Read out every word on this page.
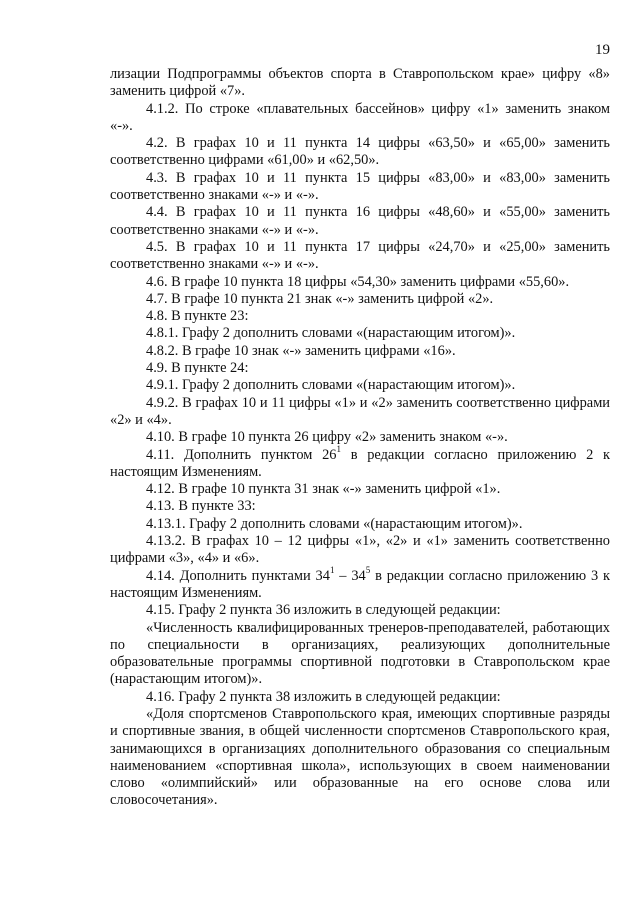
19

лизации Подпрограммы объектов спорта в Ставропольском крае» цифру «8» заменить цифрой «7».

4.1.2. По строке «плавательных бассейнов» цифру «1» заменить знаком «-».

4.2. В графах 10 и 11 пункта 14 цифры «63,50» и «65,00» заменить соответственно цифрами «61,00» и «62,50».

4.3. В графах 10 и 11 пункта 15 цифры «83,00» и «83,00» заменить соответственно знаками «-» и «-».

4.4. В графах 10 и 11 пункта 16 цифры «48,60» и «55,00» заменить соответственно знаками «-» и «-».

4.5. В графах 10 и 11 пункта 17 цифры «24,70» и «25,00» заменить соответственно знаками «-» и «-».

4.6. В графе 10 пункта 18 цифры «54,30» заменить цифрами «55,60».

4.7. В графе 10 пункта 21 знак «-» заменить цифрой «2».

4.8. В пункте 23:

4.8.1. Графу 2 дополнить словами «(нарастающим итогом)».

4.8.2. В графе 10 знак «-» заменить цифрами «16».

4.9. В пункте 24:

4.9.1. Графу 2 дополнить словами «(нарастающим итогом)».

4.9.2. В графах 10 и 11 цифры «1» и «2» заменить соответственно цифрами «2» и «4».

4.10. В графе 10 пункта 26 цифру «2» заменить знаком «-».

4.11. Дополнить пунктом $26^1$ в редакции согласно приложению 2 к настоящим Изменениям.

4.12. В графе 10 пункта 31 знак «-» заменить цифрой «1».

4.13. В пункте 33:

4.13.1. Графу 2 дополнить словами «(нарастающим итогом)».

4.13.2. В графах 10 – 12 цифры «1», «2» и «1» заменить соответственно цифрами «3», «4» и «6».

4.14. Дополнить пунктами $34^1 - 34^5$ в редакции согласно приложению 3 к настоящим Изменениям.

4.15. Графу 2 пункта 36 изложить в следующей редакции:

«Численность квалифицированных тренеров-преподавателей, работающих по специальности в организациях, реализующих дополнительные образовательные программы спортивной подготовки в Ставропольском крае (нарастающим итогом)».

4.16. Графу 2 пункта 38 изложить в следующей редакции:

«Доля спортсменов Ставропольского края, имеющих спортивные разряды и спортивные звания, в общей численности спортсменов Ставропольского края, занимающихся в организациях дополнительного образования со специальным наименованием «спортивная школа», использующих в своем наименовании слово «олимпийский» или образованные на его основе слова или словосочетания».
